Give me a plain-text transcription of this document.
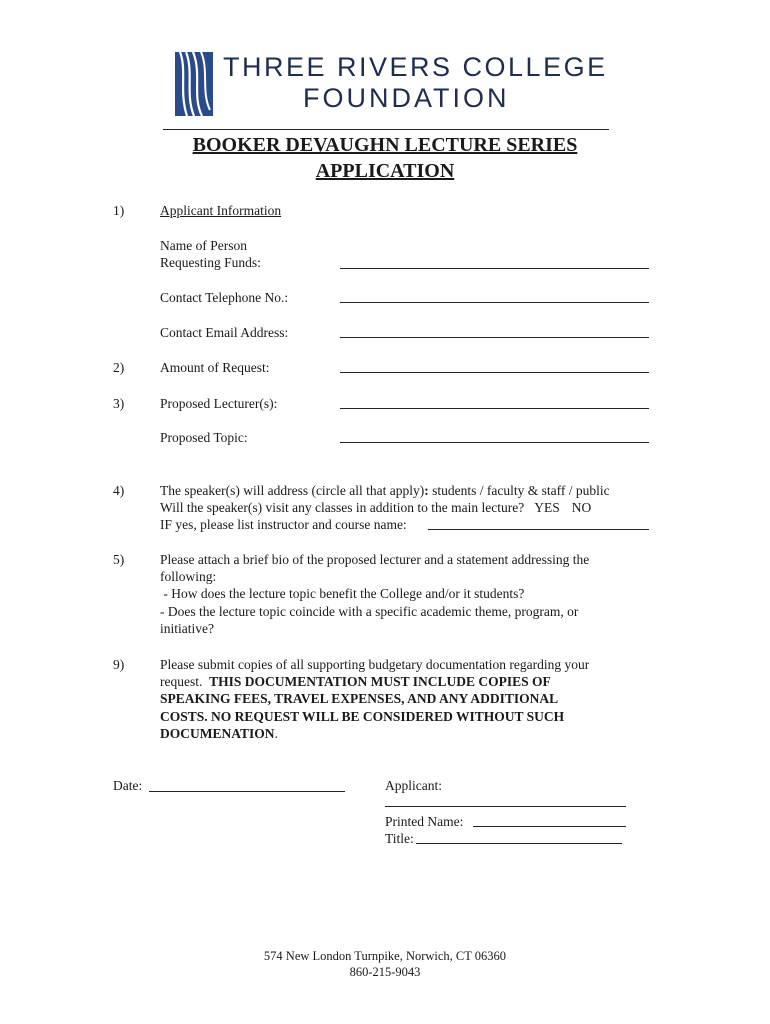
THREE RIVERS COLLEGE
FOUNDATION
BOOKER DEVAUGHN LECTURE SERIES
APPLICATION
1)	Applicant Information
Name of Person
Requesting Funds:
Contact Telephone No.:
Contact Email Address:
2)	Amount of Request:
3)	Proposed Lecturer(s):
Proposed Topic:
4)	The speaker(s) will address (circle all that apply): students / faculty & staff / public
Will the speaker(s) visit any classes in addition to the main lecture? YES NO
IF yes, please list instructor and course name:
5)	Please attach a brief bio of the proposed lecturer and a statement addressing the
following:
- How does the lecture topic benefit the College and/or it students?
- Does the lecture topic coincide with a specific academic theme, program, or
initiative?
9)	Please submit copies of all supporting budgetary documentation regarding your
request.  THIS DOCUMENTATION MUST INCLUDE COPIES OF
SPEAKING FEES, TRAVEL EXPENSES, AND ANY ADDITIONAL
COSTS. NO REQUEST WILL BE CONSIDERED WITHOUT SUCH
DOCUMENATION.
Date:	Applicant:
Printed Name:
Title:
574 New London Turnpike, Norwich, CT 06360
860-215-9043
